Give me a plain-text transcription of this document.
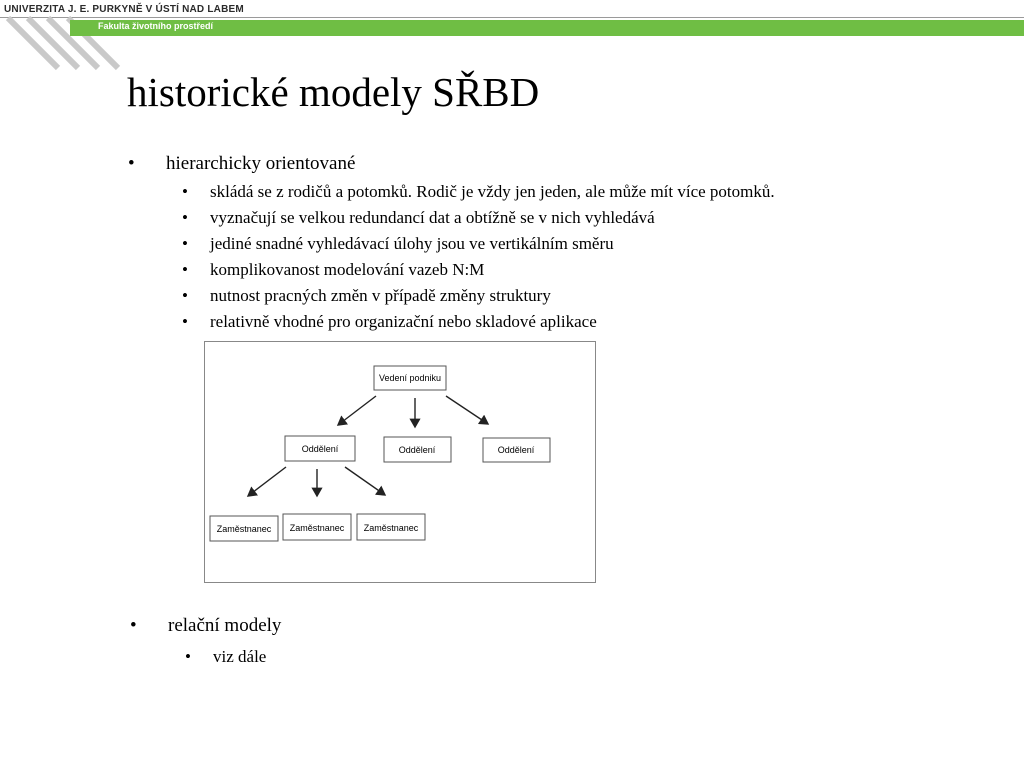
UNIVERZITA J. E. PURKYNĚ V ÚSTÍ NAD LABEM
Fakulta životního prostředí
historické modely SŘBD
• hierarchicky orientované
• skládá se z rodičů a potomků. Rodič je vždy jen jeden, ale může mít více potomků.
• vyznačují se velkou redundancí dat a obtížně se v nich vyhledává
• jediné snadné vyhledávací úlohy jsou ve vertikálním směru
• komplikovanost modelování vazeb N:M
• nutnost pracných změn v případě změny struktury
• relativně vhodné pro organizační nebo skladové aplikace
Vedení podniku
Oddělení	Oddělení	Oddělení
Zaměstnanec Zaměstnanec Zaměstnanec
• relační modely
• viz dále
